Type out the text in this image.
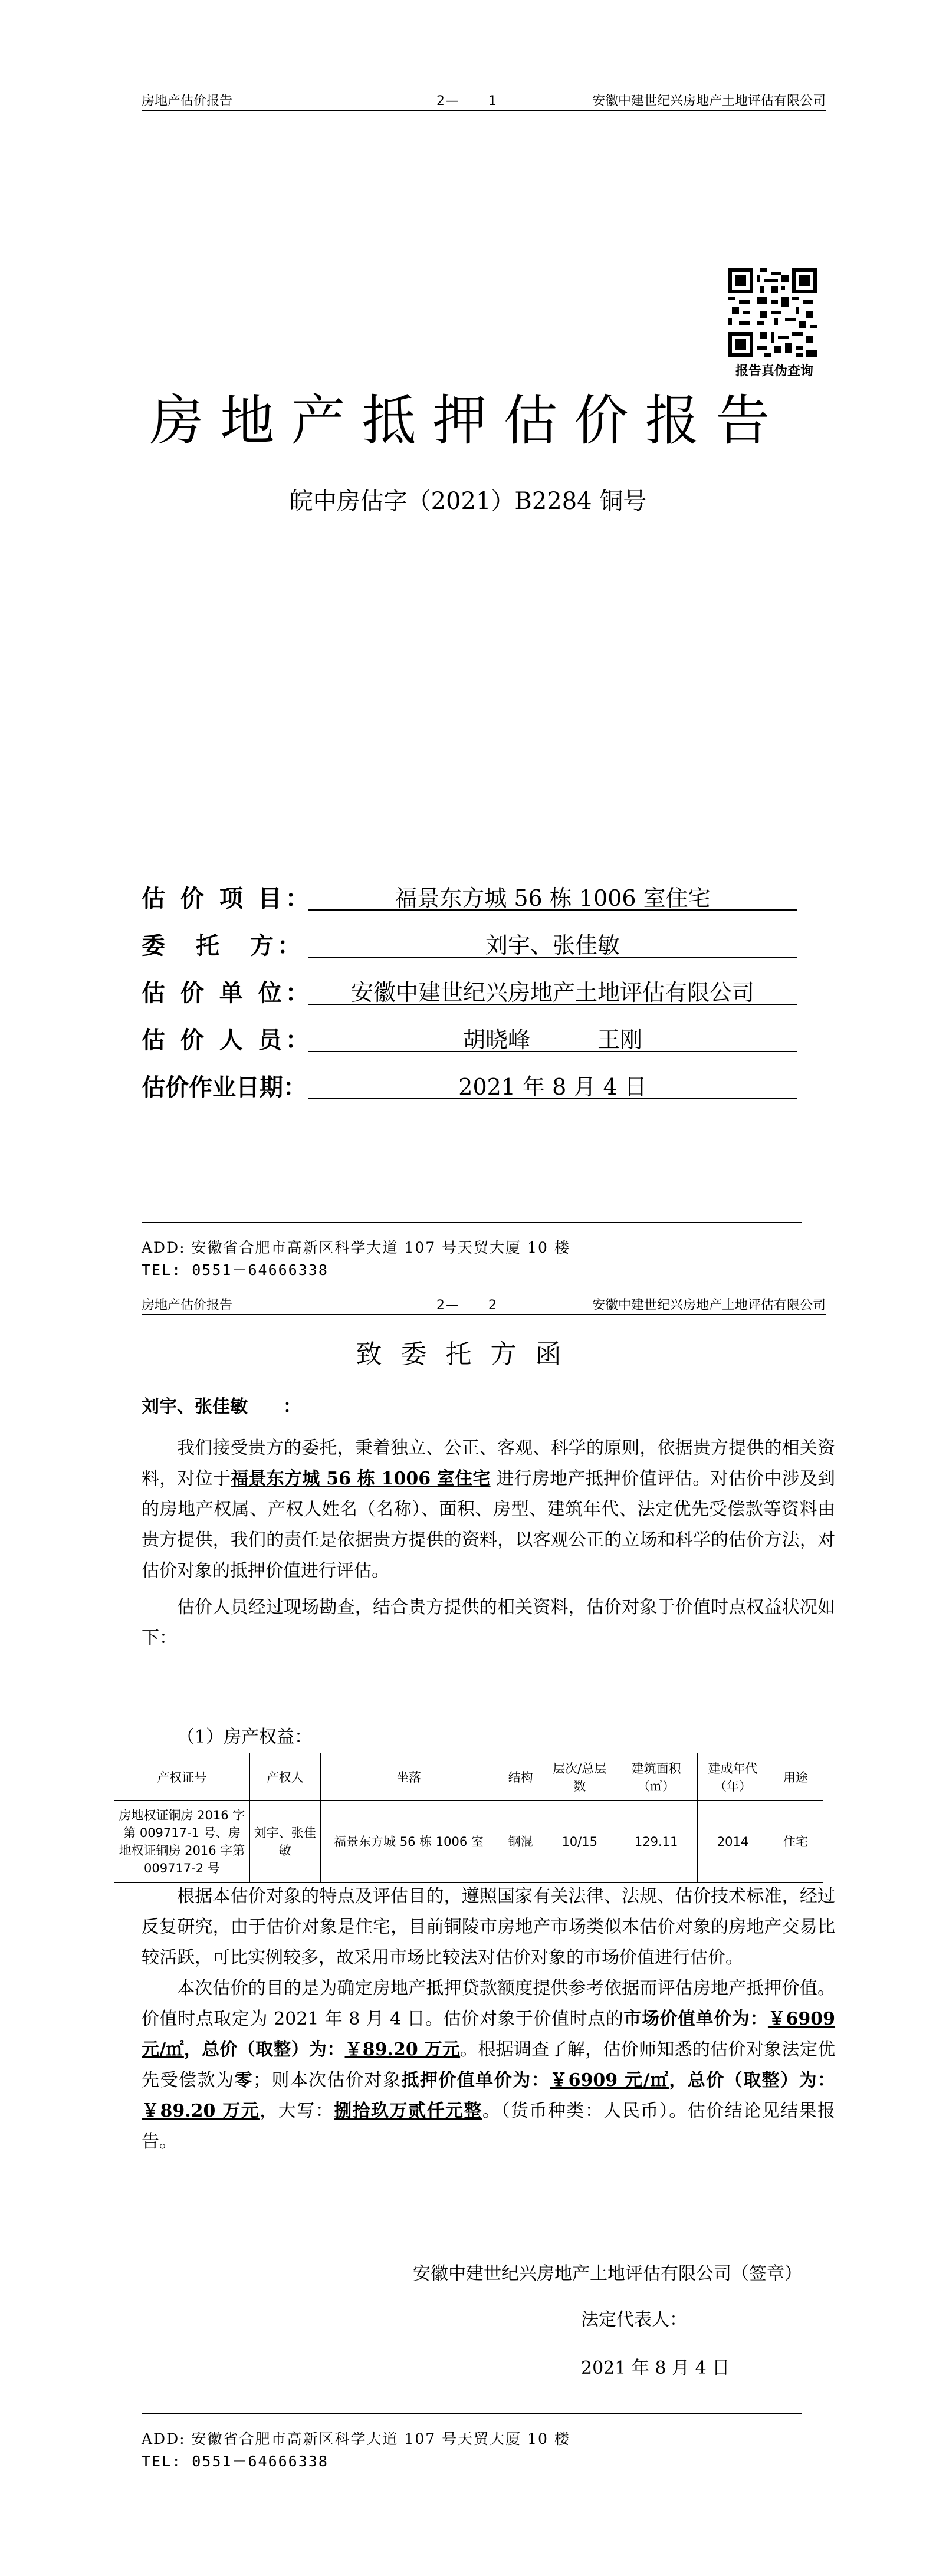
房地产估价报告	2—　　1	安徽中建世纪兴房地产土地评估有限公司
报告真伪查询
房地产抵押估价报告
皖中房估字（2021）B2284 铜号
估 价 项 目：	福景东方城 56 栋 1006 室住宅
委　托　方：	刘宇、张佳敏
估 价 单 位：	安徽中建世纪兴房地产土地评估有限公司
估 价 人 员：	胡晓峰　　　王刚
估价作业日期：	2021 年 8 月 4 日
ADD: 安徽省合肥市高新区科学大道 107 号天贸大厦 10 楼
TEL: 0551－64666338
房地产估价报告	2—　　2	安徽中建世纪兴房地产土地评估有限公司
致委托方函
刘宇、张佳敏　　：

我们接受贵方的委托，秉着独立、公正、客观、科学的原则，依据贵方提供的相关资料，对位于福景东方城 56 栋 1006 室住宅 进行房地产抵押价值评估。对估价中涉及到的房地产权属、产权人姓名（名称）、面积、房型、建筑年代、法定优先受偿款等资料由贵方提供，我们的责任是依据贵方提供的资料，以客观公正的立场和科学的估价方法，对估价对象的抵押价值进行评估。

估价人员经过现场勘查，结合贵方提供的相关资料，估价对象于价值时点权益状况如下：

（1）房产权益：
产权证号	产权人	坐落	结构	层次/总层数	建筑面积（㎡）	建成年代（年）	用途
房地权证铜房 2016 字第 009717-1 号、房地权证铜房 2016 字第 009717-2 号	刘宇、张佳敏	福景东方城 56 栋 1006 室	钢混	10/15	129.11	2014	住宅

根据本估价对象的特点及评估目的，遵照国家有关法律、法规、估价技术标准，经过反复研究，由于估价对象是住宅，目前铜陵市房地产市场类似本估价对象的房地产交易比较活跃，可比实例较多，故采用市场比较法对估价对象的市场价值进行估价。

本次估价的目的是为确定房地产抵押贷款额度提供参考依据而评估房地产抵押价值。价值时点取定为 2021 年 8 月 4 日。估价对象于价值时点的市场价值单价为：￥6909 元/㎡，总价（取整）为：￥89.20 万元。根据调查了解，估价师知悉的估价对象法定优先受偿款为零；则本次估价对象抵押价值单价为：￥6909 元/㎡，总价（取整）为：￥89.20 万元，大写：捌拾玖万贰仟元整。（货币种类：人民币）。估价结论见结果报告。

安徽中建世纪兴房地产土地评估有限公司（签章）
法定代表人：
2021 年 8 月 4 日
ADD: 安徽省合肥市高新区科学大道 107 号天贸大厦 10 楼
TEL: 0551－64666338
